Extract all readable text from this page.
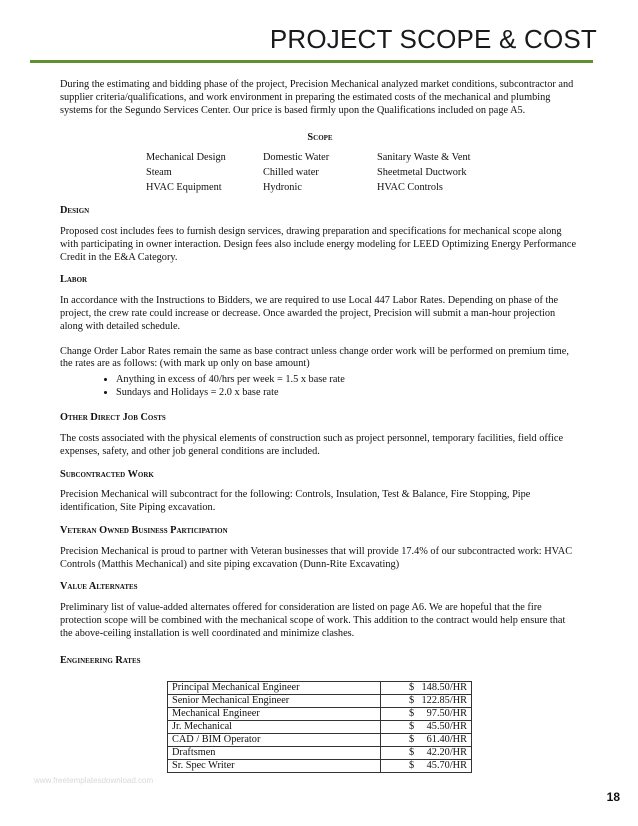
PROJECT SCOPE & COST

During the estimating and bidding phase of the project, Precision Mechanical analyzed market conditions, subcontractor and supplier criteria/qualifications, and work environment in preparing the estimated costs of the mechanical and plumbing systems for the Segundo Services Center. Our price is based firmly upon the Qualifications included on page A5.

Scope

Mechanical Design	Domestic Water	Sanitary Waste & Vent
Steam	Chilled water	Sheetmetal Ductwork
HVAC Equipment	Hydronic	HVAC Controls

Design

Proposed cost includes fees to furnish design services, drawing preparation and specifications for mechanical scope along with participating in owner interaction. Design fees also include energy modeling for LEED Optimizing Energy Performance Credit in the E&A Category.

Labor

In accordance with the Instructions to Bidders, we are required to use Local 447 Labor Rates. Depending on phase of the project, the crew rate could increase or decrease. Once awarded the project, Precision will submit a man-hour projection along with detailed schedule.

Change Order Labor Rates remain the same as base contract unless change order work will be performed on premium time, the rates are as follows: (with mark up only on base amount)

• Anything in excess of 40/hrs per week = 1.5 x base rate
• Sundays and Holidays = 2.0 x base rate

Other Direct Job Costs

The costs associated with the physical elements of construction such as project personnel, temporary facilities, field office expenses, safety, and other job general conditions are included.

Subcontracted Work

Precision Mechanical will subcontract for the following: Controls, Insulation, Test & Balance, Fire Stopping, Pipe identification, Site Piping excavation.

Veteran Owned Business Participation

Precision Mechanical is proud to partner with Veteran businesses that will provide 17.4% of our subcontracted work: HVAC Controls (Matthis Mechanical) and site piping excavation (Dunn-Rite Excavating)

Value Alternates

Preliminary list of value-added alternates offered for consideration are listed on page A6. We are hopeful that the fire protection scope will be combined with the mechanical scope of work. This addition to the contract would help ensure that the above-ceiling installation is well coordinated and minimize clashes.

Engineering Rates

Principal Mechanical Engineer	$ 148.50/HR

Senior Mechanical Engineer	$ 122.85/HR

Mechanical Engineer	$ 97.50/HR

Jr. Mechanical	$ 45.50/HR

CAD / BIM Operator	$ 61.40/HR

Draftsmen	$ 42.20/HR

Sr. Spec Writer	$ 45.70/HR
www.freetemplatesdownload.com
18
